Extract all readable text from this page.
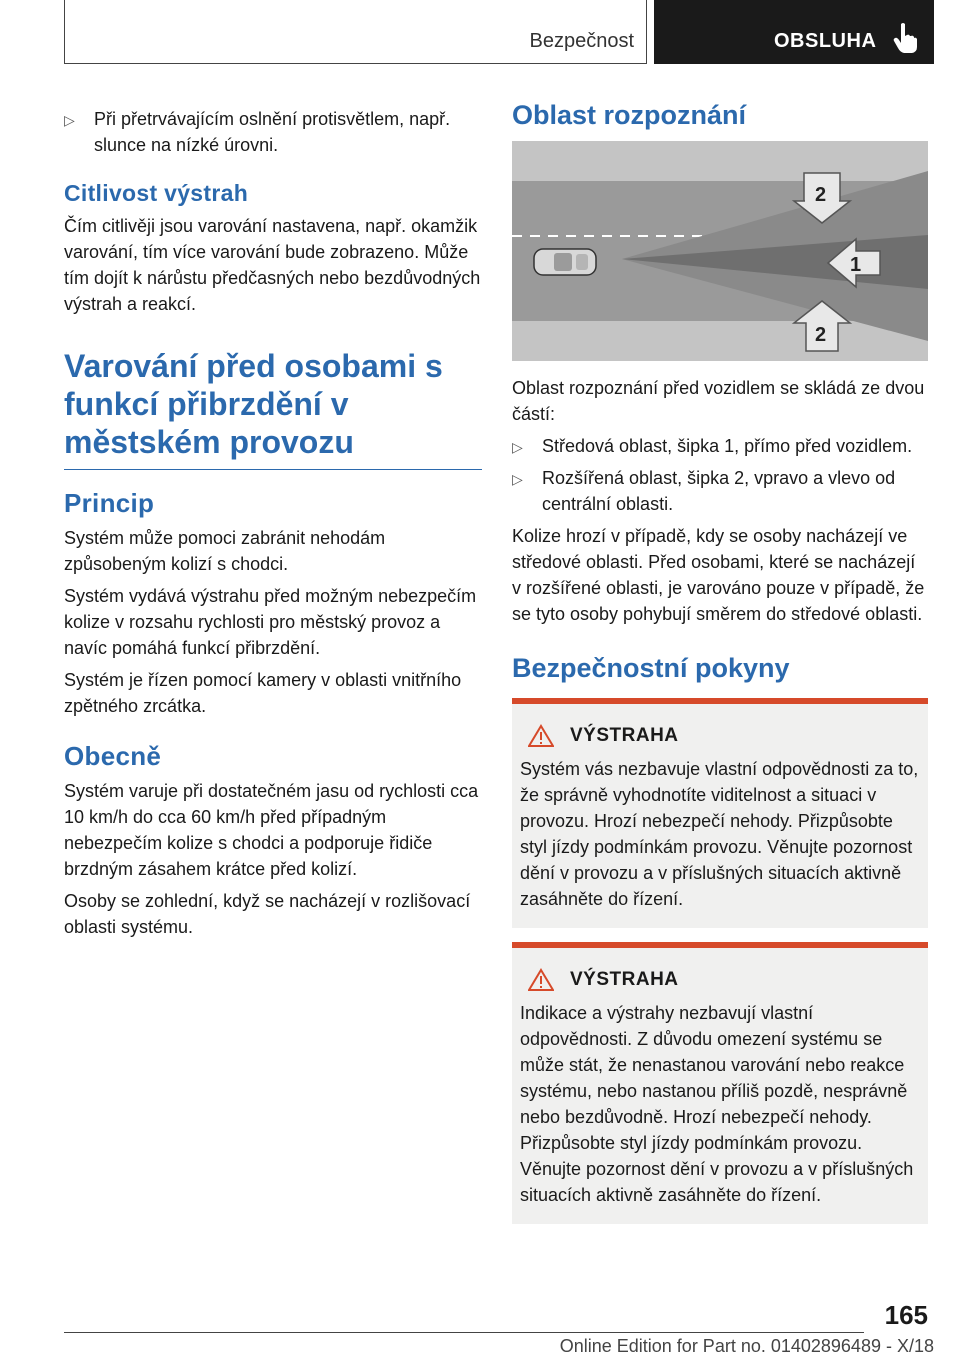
Bezpečnost	OBSLUHA
▷ Při přetrvávajícím oslnění protisvětlem, např. slunce na nízké úrovni.
Citlivost výstrah

Čím citlivěji jsou varování nastavena, např. okamžik varování, tím více varování bude zobrazeno. Může tím dojít k nárůstu předčasných nebo bezdůvodných výstrah a reakcí.

Varování před osobami s
funkcí přibrzdění v
městském provozu
Princip

Systém může pomoci zabránit nehodám způsobeným kolizí s chodci.

Systém vydává výstrahu před možným nebezpečím kolize v rozsahu rychlosti pro městský provoz a navíc pomáhá funkcí přibrzdění.

Systém je řízen pomocí kamery v oblasti vnitřního zpětného zrcátka.

Obecně

Systém varuje při dostatečném jasu od rychlosti cca 10 km/h do cca 60 km/h před případným nebezpečím kolize s chodci a podporuje řidiče brzdným zásahem krátce před kolizí.

Osoby se zohlední, když se nacházejí v rozlišovací oblasti systému.

Oblast rozpoznání
2
1
2

Oblast rozpoznání před vozidlem se skládá ze dvou částí:

▷ Středová oblast, šipka 1, přímo před vozidlem.
▷ Rozšířená oblast, šipka 2, vpravo a vlevo od centrální oblasti.

Kolize hrozí v případě, kdy se osoby nacházejí ve středové oblasti. Před osobami, které se nacházejí v rozšířené oblasti, je varováno pouze v případě, že se tyto osoby pohybují směrem do středové oblasti.

Bezpečnostní pokyny
VÝSTRAHA
Systém vás nezbavuje vlastní odpovědnosti za to, že správně vyhodnotíte viditelnost a situaci v provozu. Hrozí nebezpečí nehody. Přizpůsobte styl jízdy podmínkám provozu. Věnujte pozornost dění v provozu a v příslušných situacích aktivně zasáhněte do řízení.
VÝSTRAHA
Indikace a výstrahy nezbavují vlastní odpovědnosti. Z důvodu omezení systému se může stát, že nenastanou varování nebo reakce systému, nebo nastanou příliš pozdě, nesprávně nebo bezdůvodně. Hrozí nebezpečí nehody. Přizpůsobte styl jízdy podmínkám provozu. Věnujte pozornost dění v provozu a v příslušných situacích aktivně zasáhněte do řízení.
165
Online Edition for Part no. 01402896489 - X/18
